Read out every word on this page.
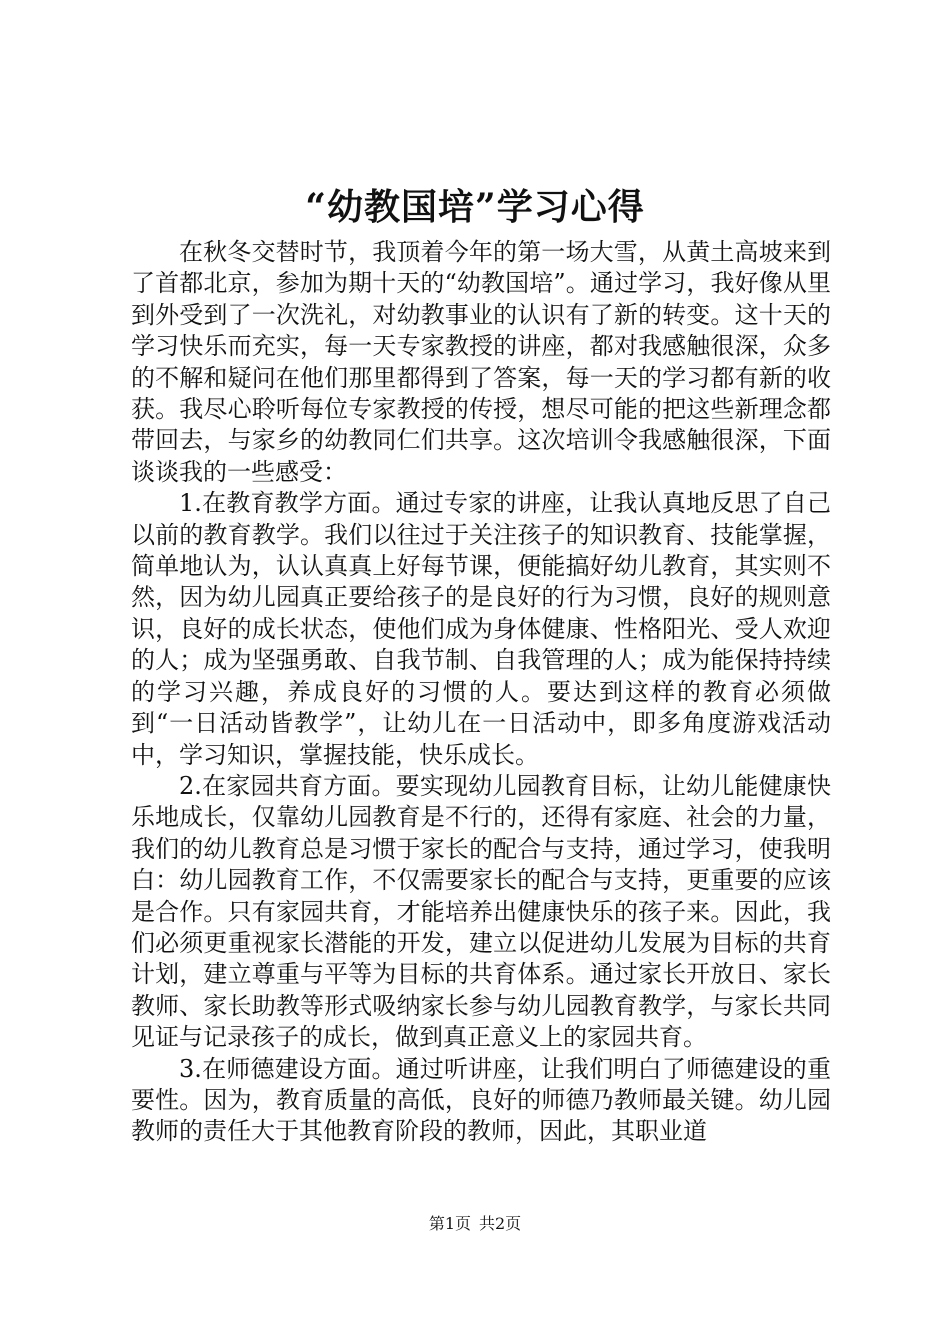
“幼教国培”学习心得

在秋冬交替时节，我顶着今年的第一场大雪，从黄土高坡来到了首都北京，参加为期十天的“幼教国培”。通过学习，我好像从里到外受到了一次洗礼，对幼教事业的认识有了新的转变。这十天的学习快乐而充实，每一天专家教授的讲座，都对我感触很深，众多的不解和疑问在他们那里都得到了答案，每一天的学习都有新的收获。我尽心聆听每位专家教授的传授，想尽可能的把这些新理念都带回去，与家乡的幼教同仁们共享。这次培训令我感触很深，下面谈谈我的一些感受：

1.在教育教学方面。通过专家的讲座，让我认真地反思了自己以前的教育教学。我们以往过于关注孩子的知识教育、技能掌握，简单地认为，认认真真上好每节课，便能搞好幼儿教育，其实则不然，因为幼儿园真正要给孩子的是良好的行为习惯，良好的规则意识，良好的成长状态，使他们成为身体健康、性格阳光、受人欢迎的人；成为坚强勇敢、自我节制、自我管理的人；成为能保持持续的学习兴趣，养成良好的习惯的人。要达到这样的教育必须做到“一日活动皆教学”，让幼儿在一日活动中，即多角度游戏活动中，学习知识，掌握技能，快乐成长。

2.在家园共育方面。要实现幼儿园教育目标，让幼儿能健康快乐地成长，仅靠幼儿园教育是不行的，还得有家庭、社会的力量，我们的幼儿教育总是习惯于家长的配合与支持，通过学习，使我明白：幼儿园教育工作，不仅需要家长的配合与支持，更重要的应该是合作。只有家园共育，才能培养出健康快乐的孩子来。因此，我们必须更重视家长潜能的开发，建立以促进幼儿发展为目标的共育计划，建立尊重与平等为目标的共育体系。通过家长开放日、家长教师、家长助教等形式吸纳家长参与幼儿园教育教学，与家长共同见证与记录孩子的成长，做到真正意义上的家园共育。

3.在师德建设方面。通过听讲座，让我们明白了师德建设的重要性。因为，教育质量的高低，良好的师德乃教师最关键。幼儿园教师的责任大于其他教育阶段的教师，因此，其职业道

第1页 共2页
